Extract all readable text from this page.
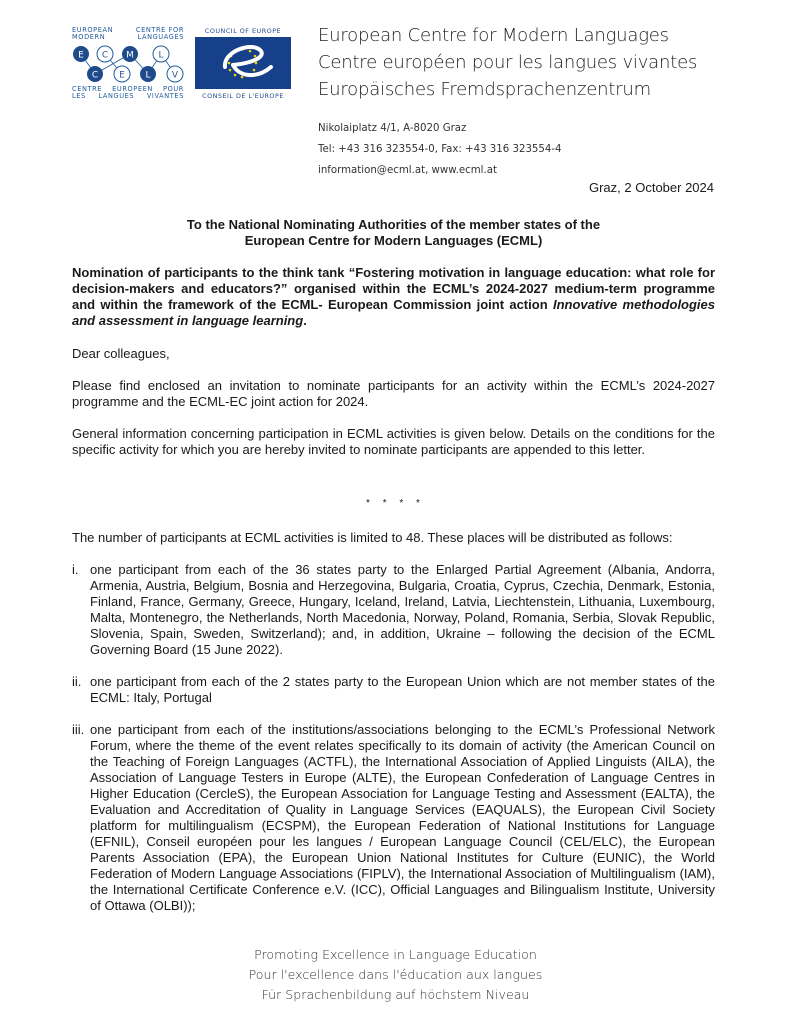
EUROPEAN	CENTRE FOR
MODERN	LANGUAGES
E C M	L
C E L V
CENTRE EUROPEEN POUR
LES LANGUES VIVANTES
COUNCIL OF EUROPE
CONSEIL DE L'EUROPE
European Centre for Modern Languages
Centre européen pour les langues vivantes
Europäisches Fremdsprachenzentrum
Nikolaiplatz 4/1, A-8020 Graz
Tel: +43 316 323554-0, Fax: +43 316 323554-4
information@ecml.at, www.ecml.at
Graz, 2 October 2024
To the National Nominating Authorities of the member states of the
European Centre for Modern Languages (ECML)
Nomination of participants to the think tank “Fostering motivation in language education: what role for decision-makers and educators?” organised within the ECML’s 2024-2027 medium-term programme and within the framework of the ECML- European Commission joint action Innovative methodologies and assessment in language learning.
Dear colleagues,
Please find enclosed an invitation to nominate participants for an activity within the ECML’s 2024-2027 programme and the ECML-EC joint action for 2024.
General information concerning participation in ECML activities is given below. Details on the conditions for the specific activity for which you are hereby invited to nominate participants are appended to this letter.
* * * *
The number of participants at ECML activities is limited to 48. These places will be distributed as follows:
i. one participant from each of the 36 states party to the Enlarged Partial Agreement (Albania, Andorra, Armenia, Austria, Belgium, Bosnia and Herzegovina, Bulgaria, Croatia, Cyprus, Czechia, Denmark, Estonia, Finland, France, Germany, Greece, Hungary, Iceland, Ireland, Latvia, Liechtenstein, Lithuania, Luxembourg, Malta, Montenegro, the Netherlands, North Macedonia, Norway, Poland, Romania, Serbia, Slovak Republic, Slovenia, Spain, Sweden, Switzerland); and, in addition, Ukraine – following the decision of the ECML Governing Board (15 June 2022).
ii. one participant from each of the 2 states party to the European Union which are not member states of the ECML: Italy, Portugal
iii. one participant from each of the institutions/associations belonging to the ECML’s Professional Network Forum, where the theme of the event relates specifically to its domain of activity (the American Council on the Teaching of Foreign Languages (ACTFL), the International Association of Applied Linguists (AILA), the Association of Language Testers in Europe (ALTE), the European Confederation of Language Centres in Higher Education (CercleS), the European Association for Language Testing and Assessment (EALTA), the Evaluation and Accreditation of Quality in Language Services (EAQUALS), the European Civil Society platform for multilingualism (ECSPM), the European Federation of National Institutions for Language (EFNIL), Conseil européen pour les langues / European Language Council (CEL/ELC), the European Parents Association (EPA), the European Union National Institutes for Culture (EUNIC), the World Federation of Modern Language Associations (FIPLV), the International Association of Multilingualism (IAM), the International Certificate Conference e.V. (ICC), Official Languages and Bilingualism Institute, University of Ottawa (OLBI));
Promoting Excellence in Language Education
Pour l'excellence dans l'éducation aux langues
Für Sprachenbildung auf höchstem Niveau
